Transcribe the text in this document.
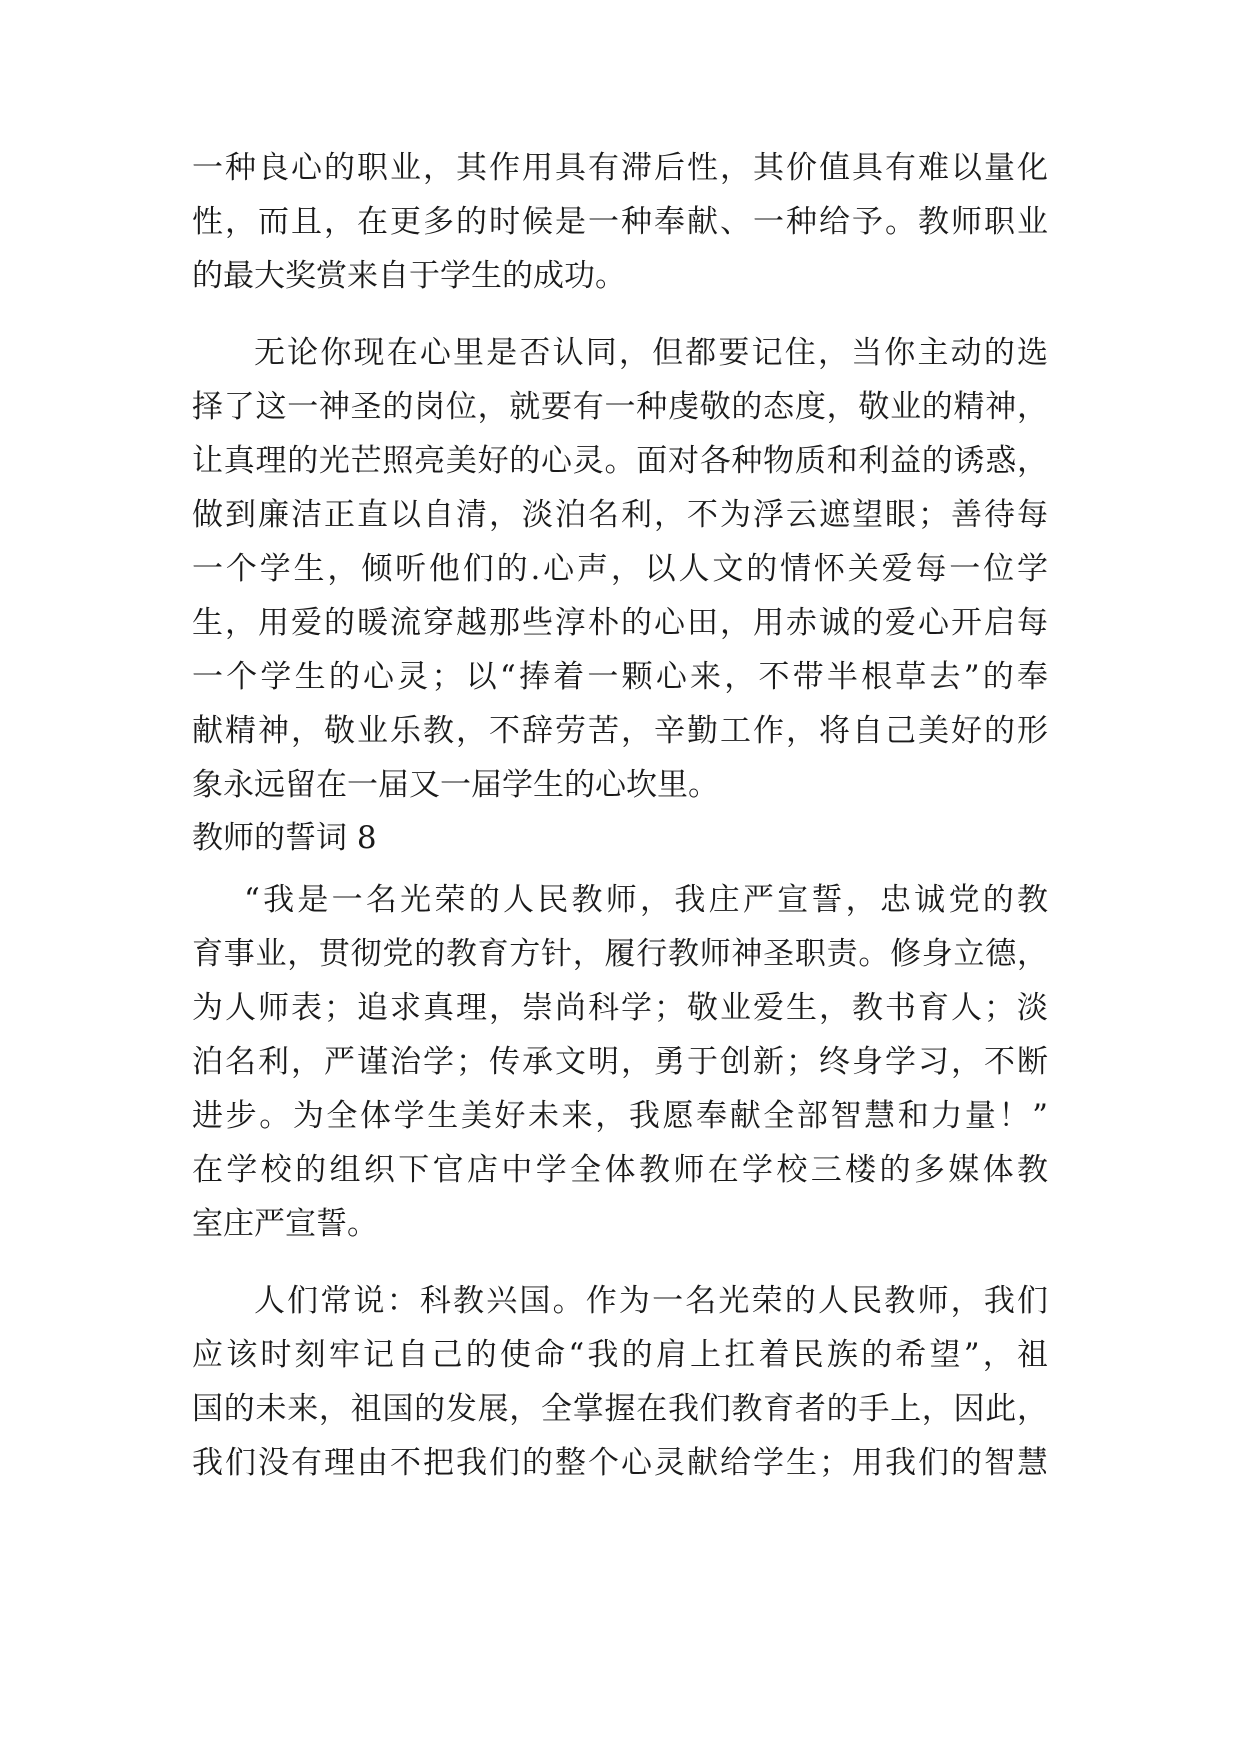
一种良心的职业，其作用具有滞后性，其价值具有难以量化
性，而且，在更多的时候是一种奉献、一种给予。教师职业
的最大奖赏来自于学生的成功。
无论你现在心里是否认同，但都要记住，当你主动的选
择了这一神圣的岗位，就要有一种虔敬的态度，敬业的精神，
让真理的光芒照亮美好的心灵。面对各种物质和利益的诱惑，
做到廉洁正直以自清，淡泊名利，不为浮云遮望眼；善待每
一个学生，倾听他们的.心声，以人文的情怀关爱每一位学
生，用爱的暖流穿越那些淳朴的心田，用赤诚的爱心开启每
一个学生的心灵；以“捧着一颗心来，不带半根草去”的奉
献精神，敬业乐教，不辞劳苦，辛勤工作，将自己美好的形
象永远留在一届又一届学生的心坎里。
教师的誓词 8
“我是一名光荣的人民教师，我庄严宣誓，忠诚党的教
育事业，贯彻党的教育方针，履行教师神圣职责。修身立德，
为人师表；追求真理，崇尚科学；敬业爱生，教书育人；淡
泊名利，严谨治学；传承文明，勇于创新；终身学习，不断
进步。为全体学生美好未来，我愿奉献全部智慧和力量！”
在学校的组织下官店中学全体教师在学校三楼的多媒体教
室庄严宣誓。
人们常说：科教兴国。作为一名光荣的人民教师，我们
应该时刻牢记自己的使命“我的肩上扛着民族的希望”，祖
国的未来，祖国的发展，全掌握在我们教育者的手上，因此，
我们没有理由不把我们的整个心灵献给学生；用我们的智慧
